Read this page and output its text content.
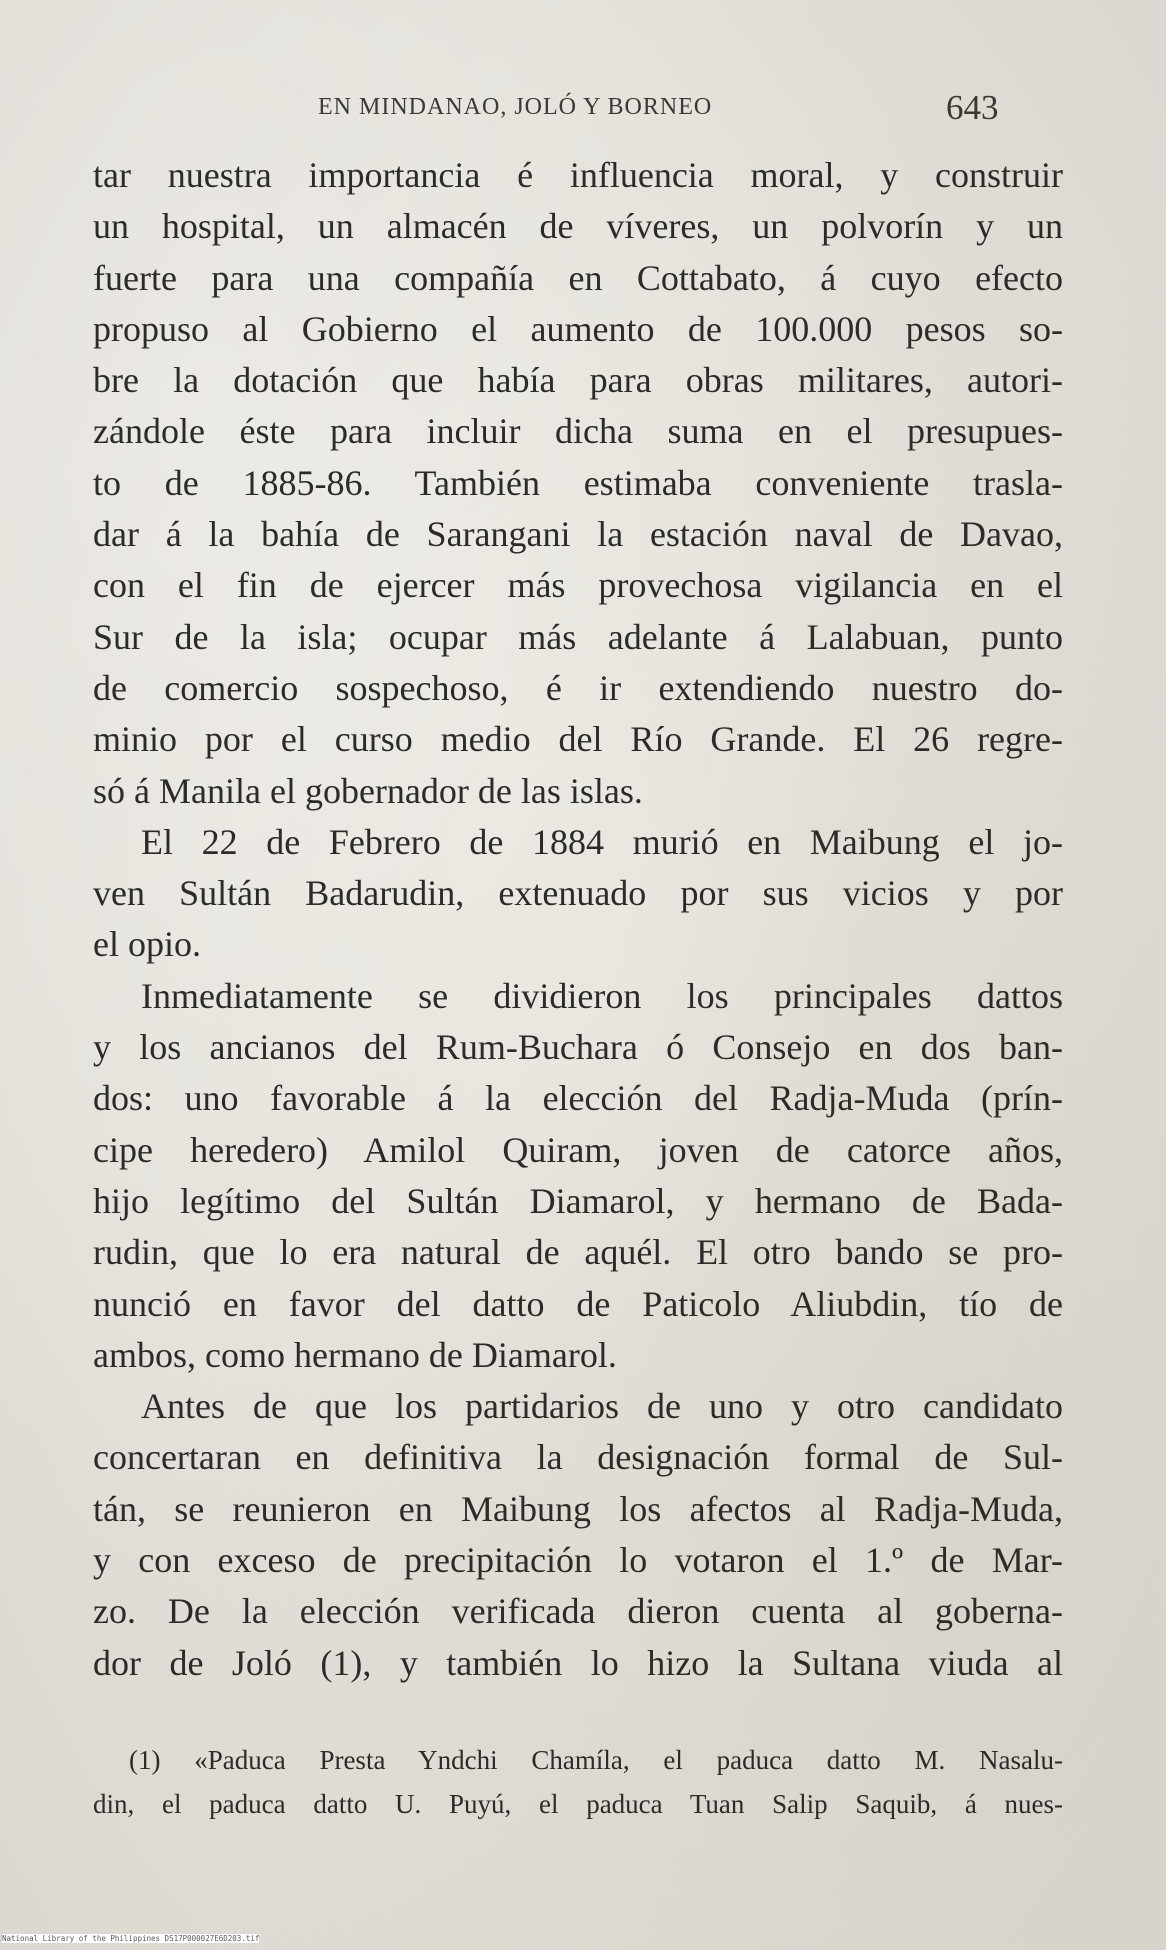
EN MINDANAO, JOLÓ Y BORNEO	643
tar nuestra importancia é influencia moral, y construir
un hospital, un almacén de víveres, un polvorín y un
fuerte para una compañía en Cottabato, á cuyo efecto
propuso al Gobierno el aumento de 100.000 pesos so-
bre la dotación que había para obras militares, autori-
zándole éste para incluir dicha suma en el presupues-
to de 1885-86. También estimaba conveniente trasla-
dar á la bahía de Sarangani la estación naval de Davao,
con el fin de ejercer más provechosa vigilancia en el
Sur de la isla; ocupar más adelante á Lalabuan, punto
de comercio sospechoso, é ir extendiendo nuestro do-
minio por el curso medio del Río Grande. El 26 regre-
só á Manila el gobernador de las islas.
El 22 de Febrero de 1884 murió en Maibung el jo-
ven Sultán Badarudin, extenuado por sus vicios y por
el opio.
Inmediatamente se dividieron los principales dattos
y los ancianos del Rum-Buchara ó Consejo en dos ban-
dos: uno favorable á la elección del Radja-Muda (prín-
cipe heredero) Amilol Quiram, joven de catorce años,
hijo legítimo del Sultán Diamarol, y hermano de Bada-
rudin, que lo era natural de aquél. El otro bando se pro-
nunció en favor del datto de Paticolo Aliubdin, tío de
ambos, como hermano de Diamarol.
Antes de que los partidarios de uno y otro candidato
concertaran en definitiva la designación formal de Sul-
tán, se reunieron en Maibung los afectos al Radja-Muda,
y con exceso de precipitación lo votaron el 1.º de Mar-
zo. De la elección verificada dieron cuenta al goberna-
dor de Joló (1), y también lo hizo la Sultana viuda al
(1) «Paduca Presta Yndchi Chamíla, el paduca datto M. Nasalu-
din, el paduca datto U. Puyú, el paduca Tuan Salip Saquib, á nues-
National Library of the Philippines DS17P000027E6D203.tif
